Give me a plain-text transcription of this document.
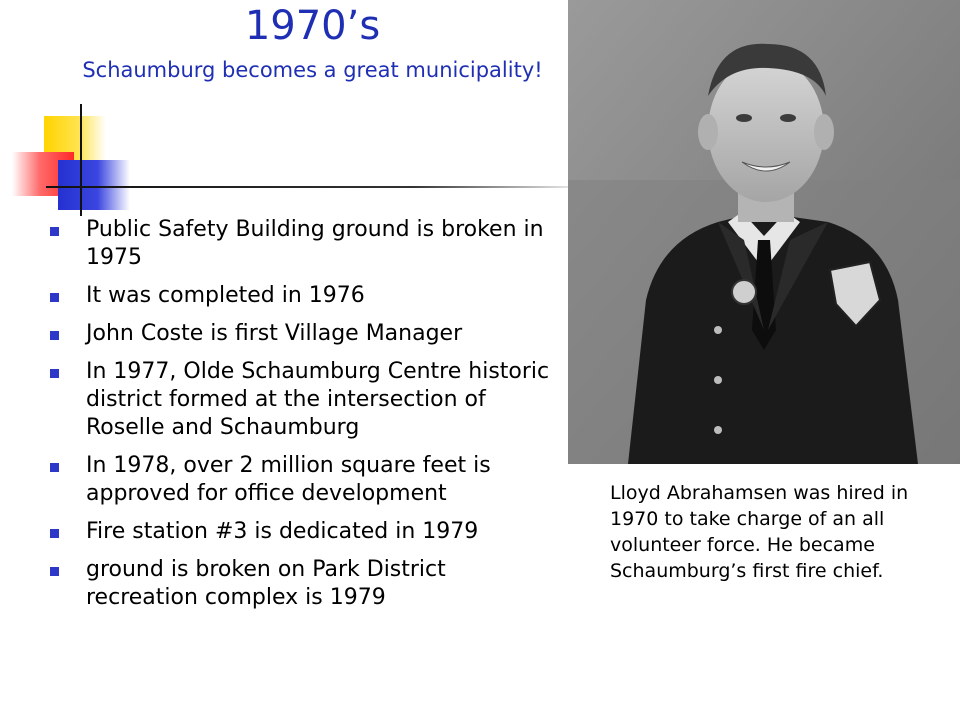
1970’s
Schaumburg becomes a great municipality!
Public Safety Building ground is broken in 1975
It was completed in 1976
John Coste is first Village Manager
In 1977, Olde Schaumburg Centre historic district formed at the intersection of Roselle and Schaumburg
In 1978, over 2 million square feet is approved for office development
Fire station #3 is dedicated in 1979
ground is broken on Park District recreation complex is 1979
Lloyd Abrahamsen was hired in 1970 to take charge of an all volunteer force. He became Schaumburg’s first fire chief.
